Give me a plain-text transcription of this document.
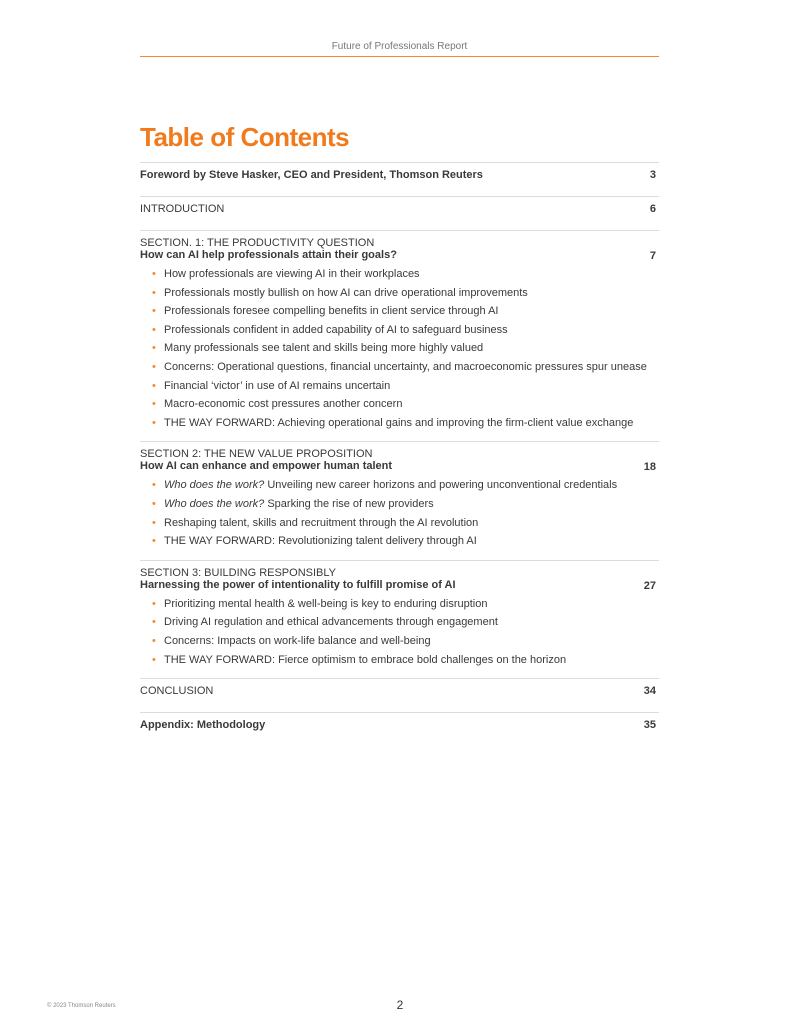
Future of Professionals Report
Table of Contents
Foreword by Steve Hasker, CEO and President, Thomson Reuters	3
INTRODUCTION	6
SECTION. 1: THE PRODUCTIVITY QUESTION
How can AI help professionals attain their goals?	7
• How professionals are viewing AI in their workplaces
• Professionals mostly bullish on how AI can drive operational improvements
• Professionals foresee compelling benefits in client service through AI
• Professionals confident in added capability of AI to safeguard business
• Many professionals see talent and skills being more highly valued
• Concerns: Operational questions, financial uncertainty, and macroeconomic pressures spur unease
• Financial ‘victor’ in use of AI remains uncertain
• Macro-economic cost pressures another concern
• THE WAY FORWARD: Achieving operational gains and improving the firm-client value exchange
SECTION 2: THE NEW VALUE PROPOSITION
How AI can enhance and empower human talent	18
• Who does the work? Unveiling new career horizons and powering unconventional credentials
• Who does the work? Sparking the rise of new providers
• Reshaping talent, skills and recruitment through the AI revolution
• THE WAY FORWARD: Revolutionizing talent delivery through AI
SECTION 3: BUILDING RESPONSIBLY
Harnessing the power of intentionality to fulfill promise of AI	27
• Prioritizing mental health & well-being is key to enduring disruption
• Driving AI regulation and ethical advancements through engagement
• Concerns: Impacts on work-life balance and well-being
• THE WAY FORWARD: Fierce optimism to embrace bold challenges on the horizon
CONCLUSION	34
Appendix: Methodology	35
© 2023 Thomson Reuters	2
